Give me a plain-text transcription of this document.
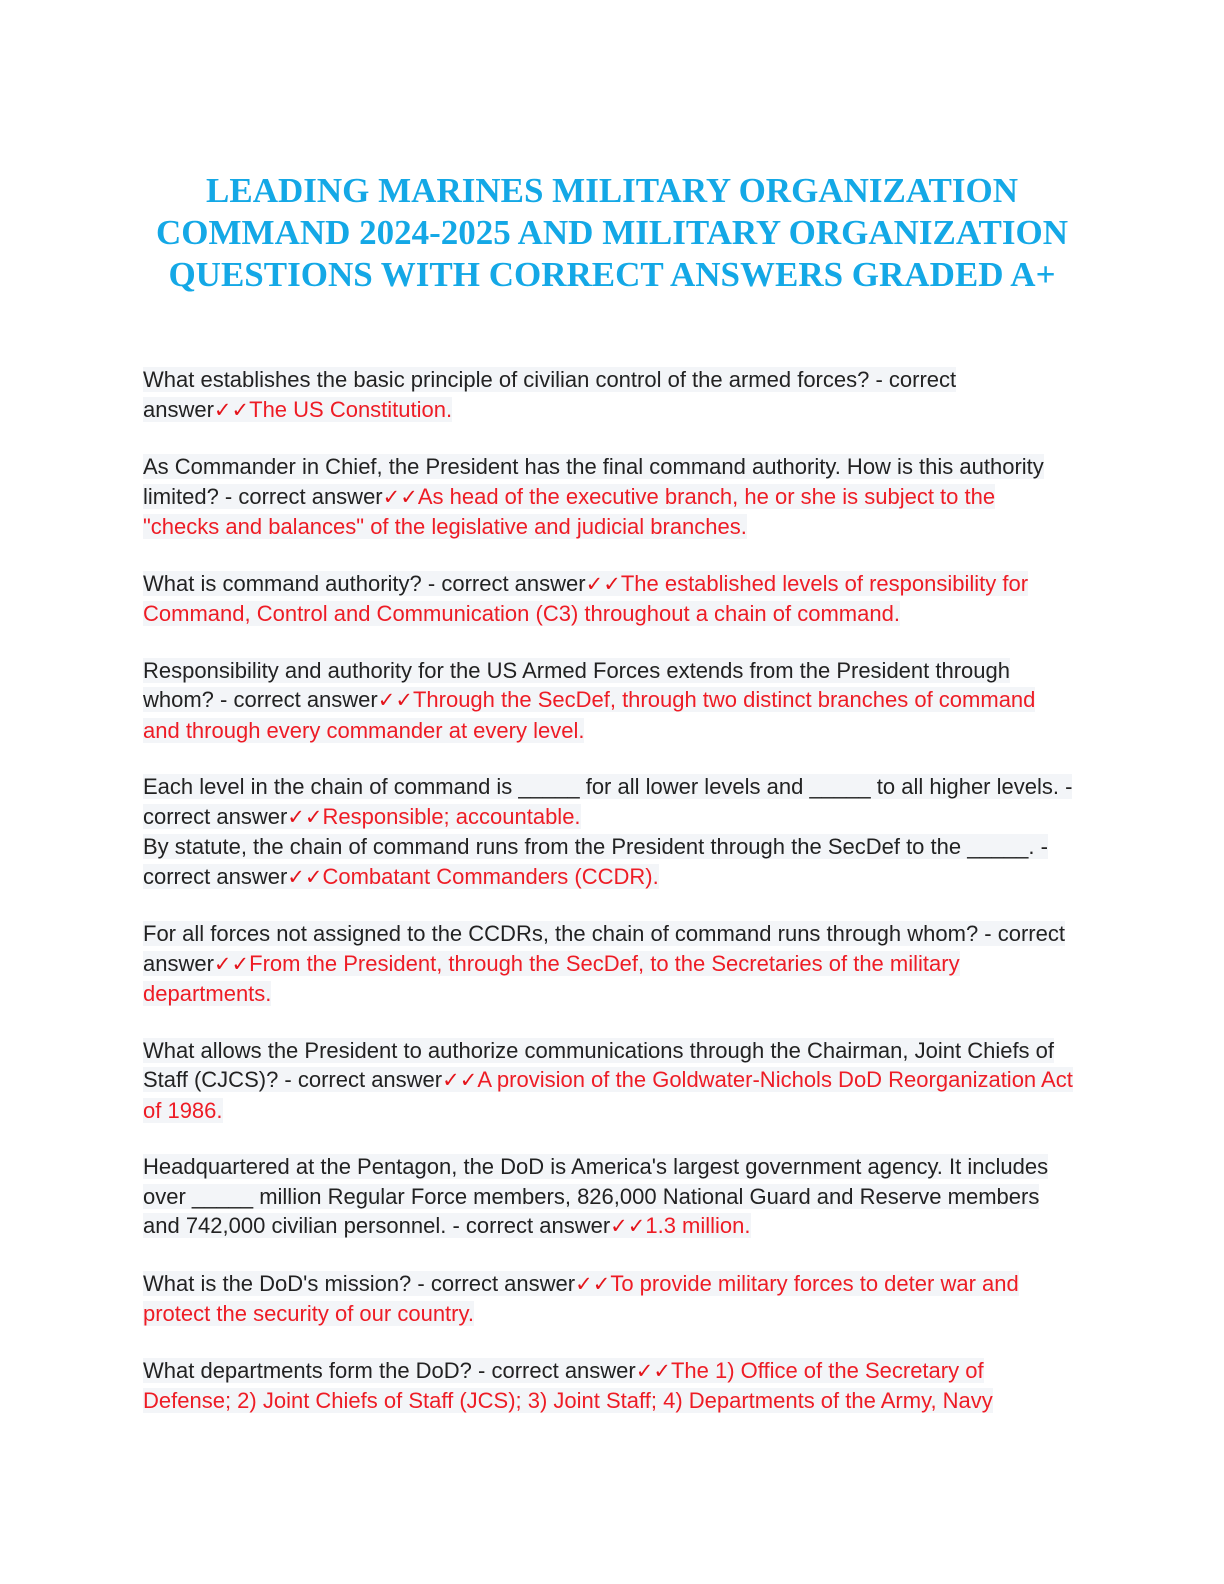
LEADING MARINES MILITARY ORGANIZATION COMMAND 2024-2025 AND MILITARY ORGANIZATION QUESTIONS WITH CORRECT ANSWERS GRADED A+

What establishes the basic principle of civilian control of the armed forces? - correct answer✓✓The US Constitution.

As Commander in Chief, the President has the final command authority. How is this authority limited? - correct answer✓✓As head of the executive branch, he or she is subject to the "checks and balances" of the legislative and judicial branches.

What is command authority? - correct answer✓✓The established levels of responsibility for Command, Control and Communication (C3) throughout a chain of command.

Responsibility and authority for the US Armed Forces extends from the President through whom? - correct answer✓✓Through the SecDef, through two distinct branches of command and through every commander at every level.

Each level in the chain of command is _____ for all lower levels and _____ to all higher levels. - correct answer✓✓Responsible; accountable.

By statute, the chain of command runs from the President through the SecDef to the _____. - correct answer✓✓Combatant Commanders (CCDR).

For all forces not assigned to the CCDRs, the chain of command runs through whom? - correct answer✓✓From the President, through the SecDef, to the Secretaries of the military departments.

What allows the President to authorize communications through the Chairman, Joint Chiefs of Staff (CJCS)? - correct answer✓✓A provision of the Goldwater-Nichols DoD Reorganization Act of 1986.

Headquartered at the Pentagon, the DoD is America's largest government agency. It includes over _____ million Regular Force members, 826,000 National Guard and Reserve members and 742,000 civilian personnel. - correct answer✓✓1.3 million.

What is the DoD's mission? - correct answer✓✓To provide military forces to deter war and protect the security of our country.

What departments form the DoD? - correct answer✓✓The 1) Office of the Secretary of Defense; 2) Joint Chiefs of Staff (JCS); 3) Joint Staff; 4) Departments of the Army, Navy
